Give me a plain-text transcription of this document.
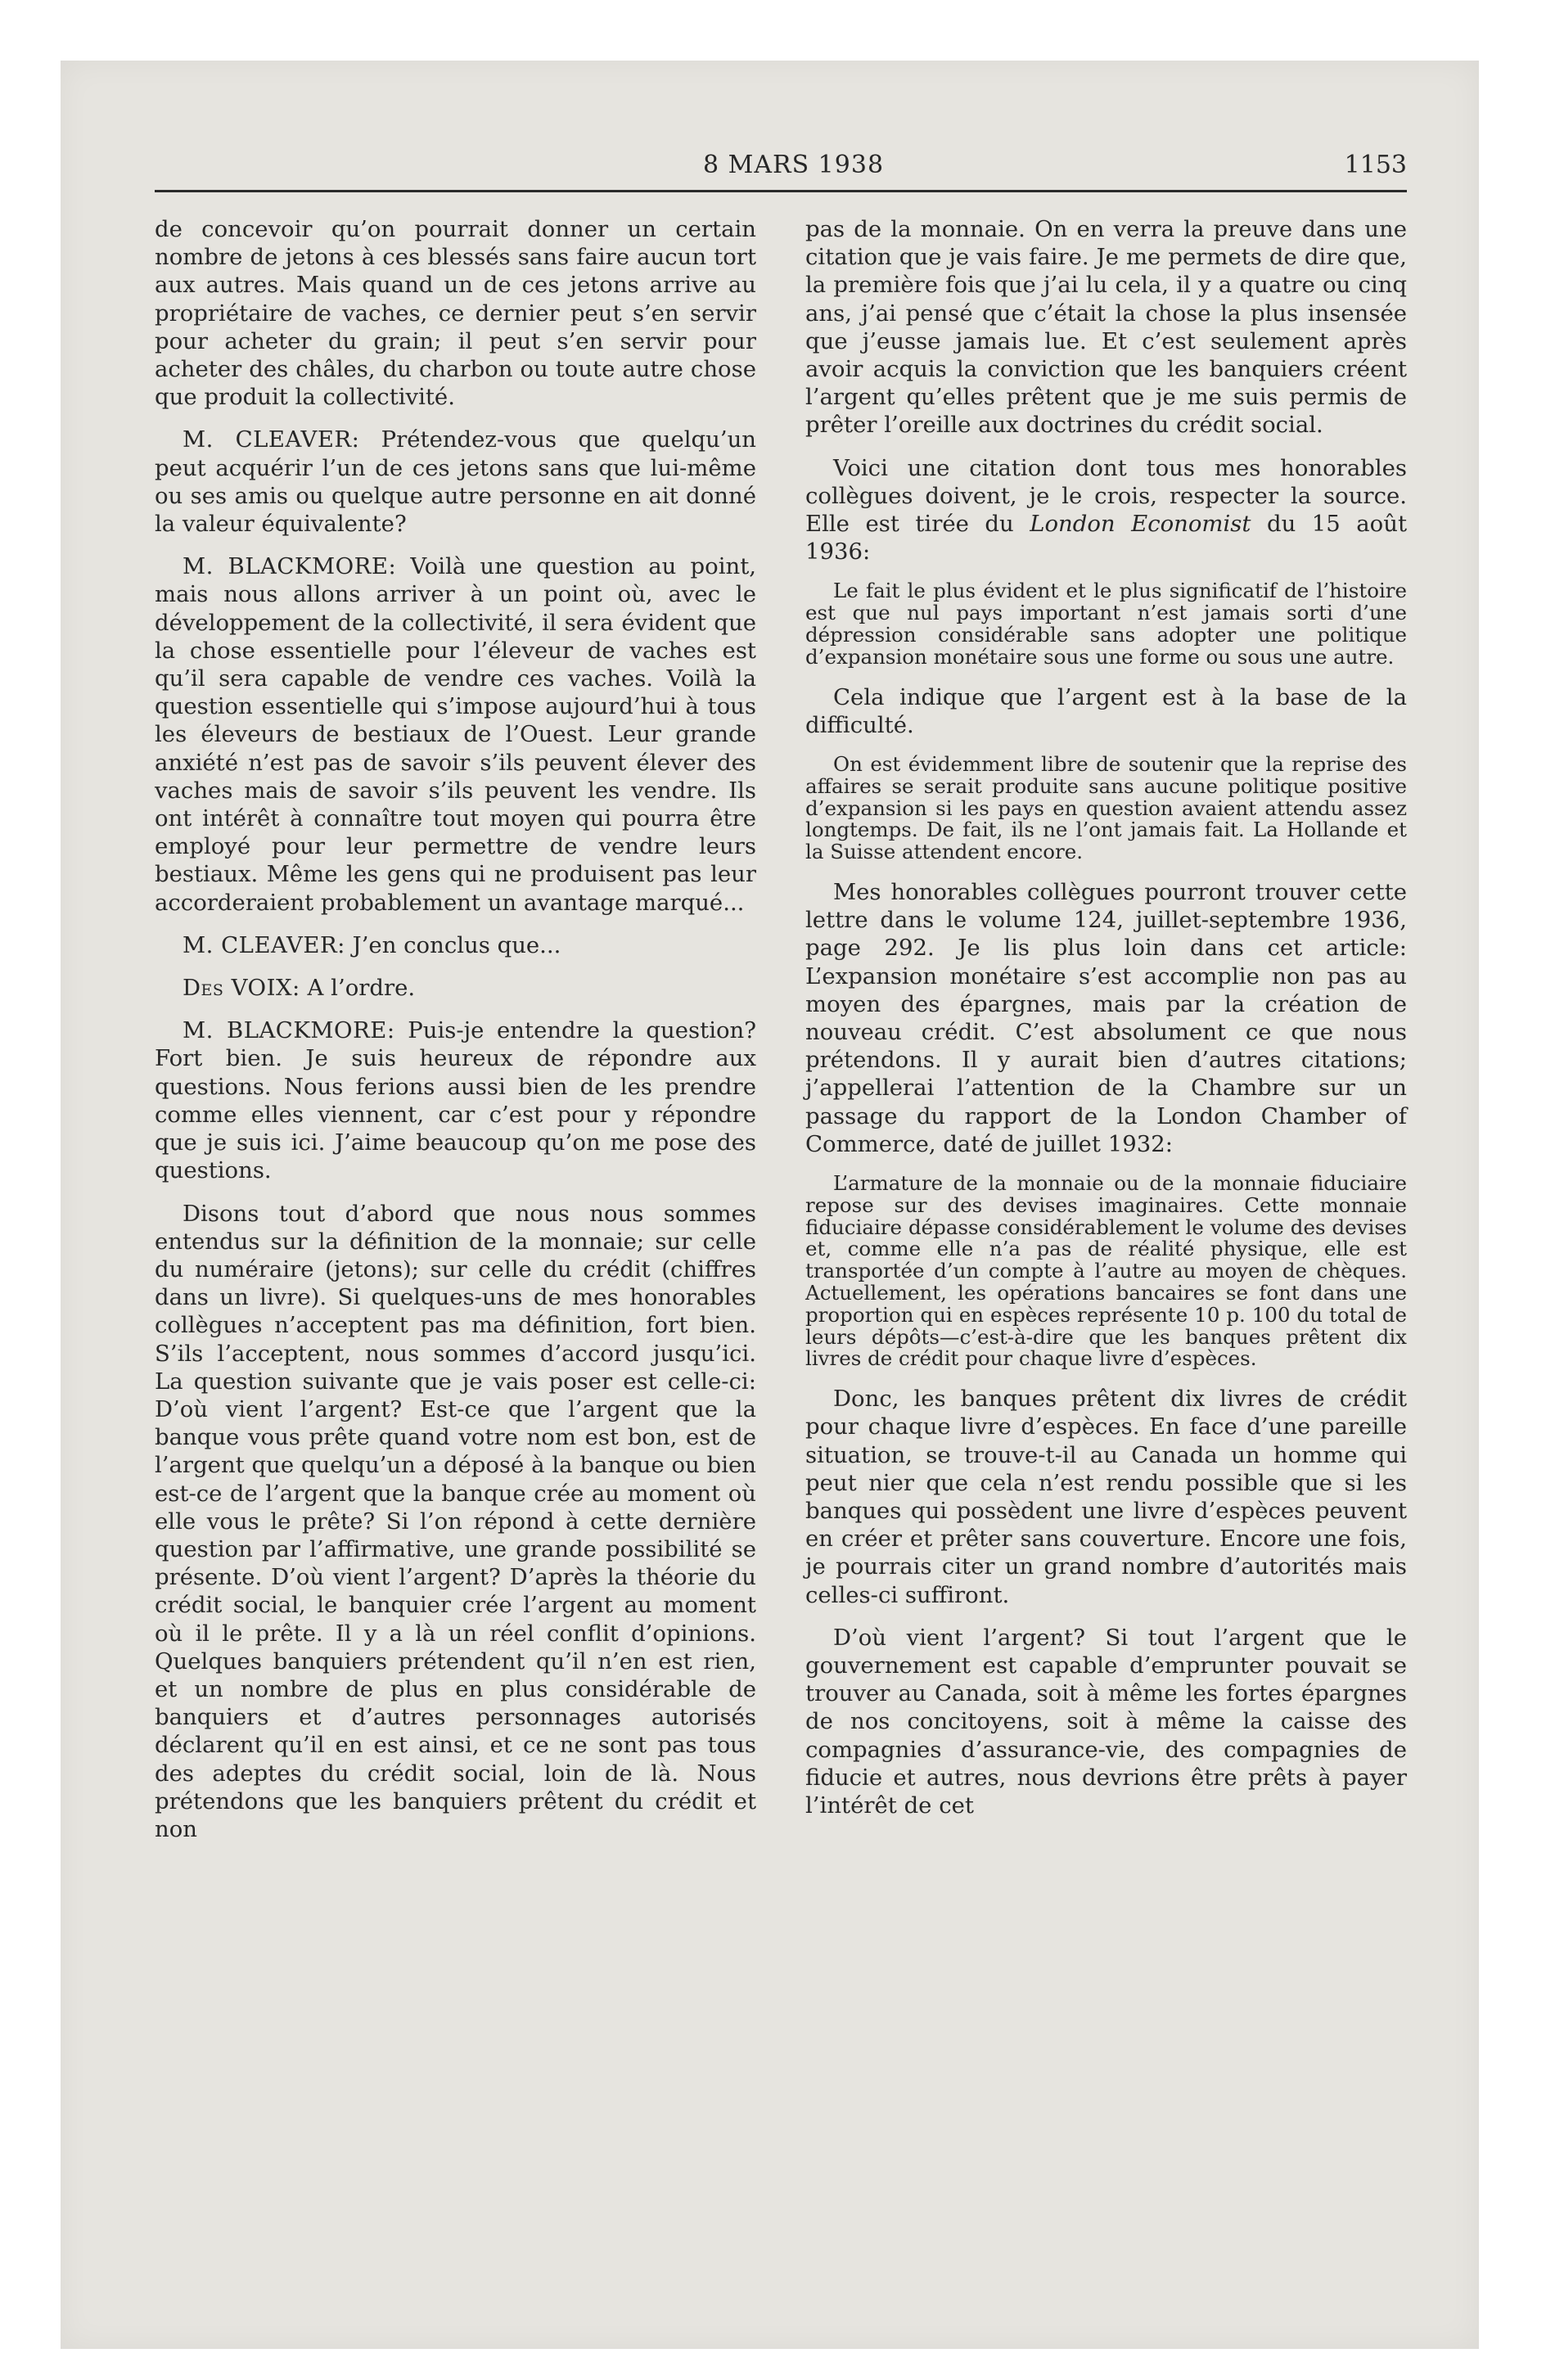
8 MARS 1938	1153

de concevoir qu’on pourrait donner un certain nombre de jetons à ces blessés sans faire aucun tort aux autres. Mais quand un de ces jetons arrive au propriétaire de vaches, ce dernier peut s’en servir pour acheter du grain; il peut s’en servir pour acheter des châles, du charbon ou toute autre chose que produit la collectivité.

M. CLEAVER: Prétendez-vous que quelqu’un peut acquérir l’un de ces jetons sans que lui-même ou ses amis ou quelque autre personne en ait donné la valeur équivalente?

M. BLACKMORE: Voilà une question au point, mais nous allons arriver à un point où, avec le développement de la collectivité, il sera évident que la chose essentielle pour l’éleveur de vaches est qu’il sera capable de vendre ces vaches. Voilà la question essentielle qui s’impose aujourd’hui à tous les éleveurs de bestiaux de l’Ouest. Leur grande anxiété n’est pas de savoir s’ils peuvent élever des vaches mais de savoir s’ils peuvent les vendre. Ils ont intérêt à connaître tout moyen qui pourra être employé pour leur permettre de vendre leurs bestiaux. Même les gens qui ne produisent pas leur accorderaient probablement un avantage marqué...

M. CLEAVER: J’en conclus que...

Des VOIX: A l’ordre.

M. BLACKMORE: Puis-je entendre la question? Fort bien. Je suis heureux de répondre aux questions. Nous ferions aussi bien de les prendre comme elles viennent, car c’est pour y répondre que je suis ici. J’aime beaucoup qu’on me pose des questions.

Disons tout d’abord que nous nous sommes entendus sur la définition de la monnaie; sur celle du numéraire (jetons); sur celle du crédit (chiffres dans un livre). Si quelques-uns de mes honorables collègues n’acceptent pas ma définition, fort bien. S’ils l’acceptent, nous sommes d’accord jusqu’ici. La question suivante que je vais poser est celle-ci: D’où vient l’argent? Est-ce que l’argent que la banque vous prête quand votre nom est bon, est de l’argent que quelqu’un a déposé à la banque ou bien est-ce de l’argent que la banque crée au moment où elle vous le prête? Si l’on répond à cette dernière question par l’affirmative, une grande possibilité se présente. D’où vient l’argent? D’après la théorie du crédit social, le banquier crée l’argent au moment où il le prête. Il y a là un réel conflit d’opinions. Quelques banquiers prétendent qu’il n’en est rien, et un nombre de plus en plus considérable de banquiers et d’autres personnages autorisés déclarent qu’il en est ainsi, et ce ne sont pas tous des adeptes du crédit social, loin de là. Nous prétendons que les banquiers prêtent du crédit et non

pas de la monnaie. On en verra la preuve dans une citation que je vais faire. Je me permets de dire que, la première fois que j’ai lu cela, il y a quatre ou cinq ans, j’ai pensé que c’était la chose la plus insensée que j’eusse jamais lue. Et c’est seulement après avoir acquis la conviction que les banquiers créent l’argent qu’elles prêtent que je me suis permis de prêter l’oreille aux doctrines du crédit social.

Voici une citation dont tous mes honorables collègues doivent, je le crois, respecter la source. Elle est tirée du London Economist du 15 août 1936:

Le fait le plus évident et le plus significatif de l’histoire est que nul pays important n’est jamais sorti d’une dépression considérable sans adopter une politique d’expansion monétaire sous une forme ou sous une autre.

Cela indique que l’argent est à la base de la difficulté.

On est évidemment libre de soutenir que la reprise des affaires se serait produite sans aucune politique positive d’expansion si les pays en question avaient attendu assez longtemps. De fait, ils ne l’ont jamais fait. La Hollande et la Suisse attendent encore.

Mes honorables collègues pourront trouver cette lettre dans le volume 124, juillet-septembre 1936, page 292. Je lis plus loin dans cet article: L’expansion monétaire s’est accomplie non pas au moyen des épargnes, mais par la création de nouveau crédit. C’est absolument ce que nous prétendons. Il y aurait bien d’autres citations; j’appellerai l’attention de la Chambre sur un passage du rapport de la London Chamber of Commerce, daté de juillet 1932:

L’armature de la monnaie ou de la monnaie fiduciaire repose sur des devises imaginaires. Cette monnaie fiduciaire dépasse considérablement le volume des devises et, comme elle n’a pas de réalité physique, elle est transportée d’un compte à l’autre au moyen de chèques. Actuellement, les opérations bancaires se font dans une proportion qui en espèces représente 10 p. 100 du total de leurs dépôts—c’est-à-dire que les banques prêtent dix livres de crédit pour chaque livre d’espèces.

Donc, les banques prêtent dix livres de crédit pour chaque livre d’espèces. En face d’une pareille situation, se trouve-t-il au Canada un homme qui peut nier que cela n’est rendu possible que si les banques qui possèdent une livre d’espèces peuvent en créer et prêter sans couverture. Encore une fois, je pourrais citer un grand nombre d’autorités mais celles-ci suffiront.

D’où vient l’argent? Si tout l’argent que le gouvernement est capable d’emprunter pouvait se trouver au Canada, soit à même les fortes épargnes de nos concitoyens, soit à même la caisse des compagnies d’assurance-vie, des compagnies de fiducie et autres, nous devrions être prêts à payer l’intérêt de cet
